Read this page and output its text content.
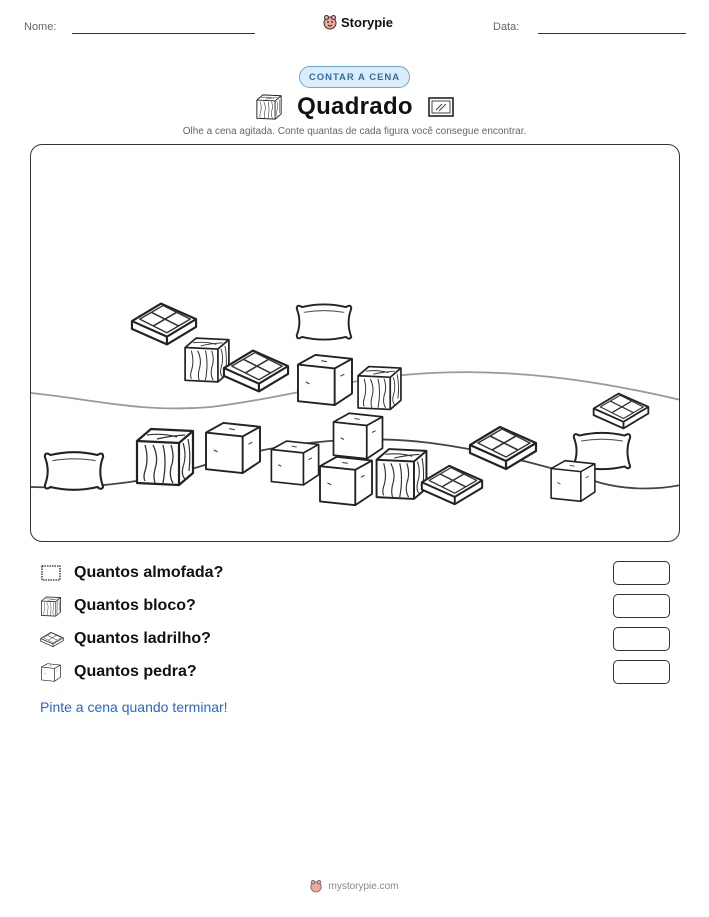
Nome:	Storypie	Data:
CONTAR A CENA
Quadrado
Olhe a cena agitada. Conte quantas de cada figura você consegue encontrar.
Quantos almofada?
Quantos bloco?
Quantos ladrilho?
Quantos pedra?
Pinte a cena quando terminar!
mystorypie.com
